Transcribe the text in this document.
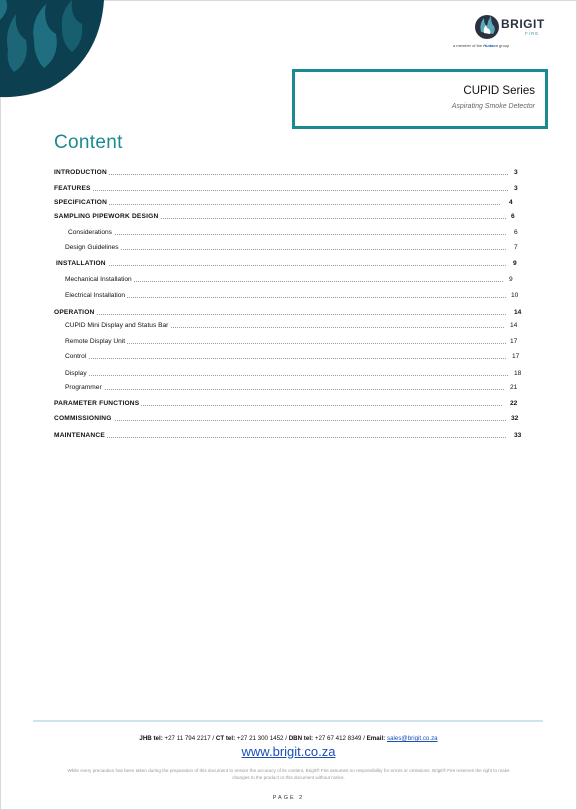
BRIGIT
FIRE
a member of the Hudaco group
CUPID Series
Aspirating Smoke Detector
Content
INTRODUCTION	3
FEATURES	3
SPECIFICATION	4
SAMPLING PIPEWORK DESIGN	6
Considerations	6
Design Guidelines	7
INSTALLATION	9
Mechanical Installation	9
Electrical Installation	10
OPERATION	14
CUPID Mini Display and Status Bar	14
Remote Display Unit	17
Control	17
Display	18
Programmer	21
PARAMETER FUNCTIONS	22
COMMISSIONING	32
MAINTENANCE	33
JHB tel: +27 11 794 2217 / CT tel: +27 21 300 1452 / DBN tel: +27 67 412 8349 / Email: sales@brigit.co.za
www.brigit.co.za
While every precaution has been taken during the preparation of this document to ensure the accuracy of its content, Brigit® Fire assumes no responsibility for errors or omissions. Brigit® Fire reserves the right to make changes to the product or this document without notice.
PAGE 2
